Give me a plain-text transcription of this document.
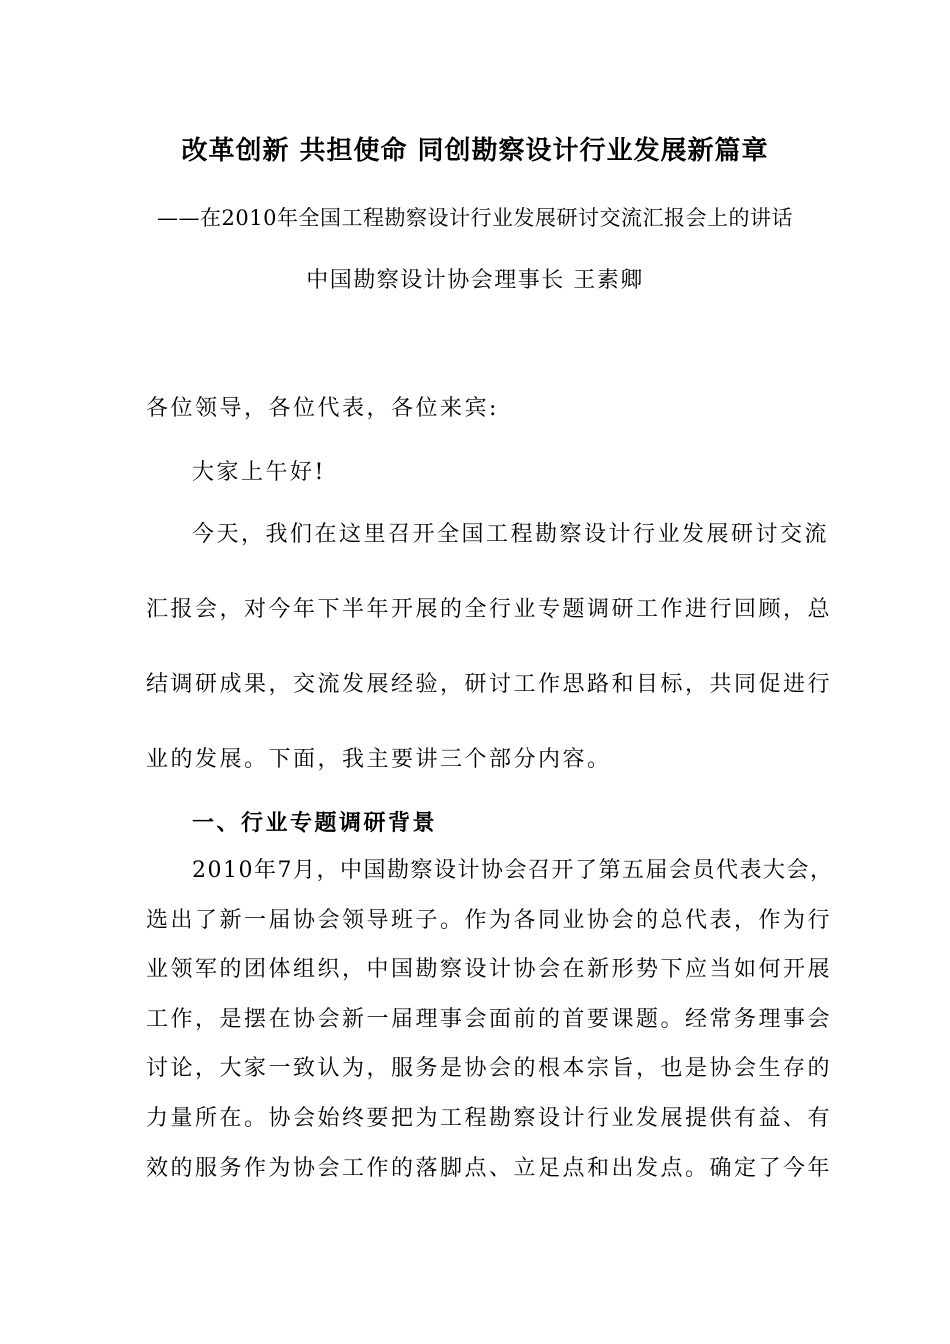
改革创新 共担使命 同创勘察设计行业发展新篇章
——在2010年全国工程勘察设计行业发展研讨交流汇报会上的讲话
中国勘察设计协会理事长 王素卿
各位领导，各位代表，各位来宾:
大家上午好!
今天，我们在这里召开全国工程勘察设计行业发展研讨交流
汇报会，对今年下半年开展的全行业专题调研工作进行回顾，总
结调研成果，交流发展经验，研讨工作思路和目标，共同促进行
业的发展。下面，我主要讲三个部分内容。
一、行业专题调研背景
2010年7月，中国勘察设计协会召开了第五届会员代表大会，
选出了新一届协会领导班子。作为各同业协会的总代表，作为行
业领军的团体组织，中国勘察设计协会在新形势下应当如何开展
工作，是摆在协会新一届理事会面前的首要课题。经常务理事会
讨论，大家一致认为，服务是协会的根本宗旨，也是协会生存的
力量所在。协会始终要把为工程勘察设计行业发展提供有益、有
效的服务作为协会工作的落脚点、立足点和出发点。确定了今年
